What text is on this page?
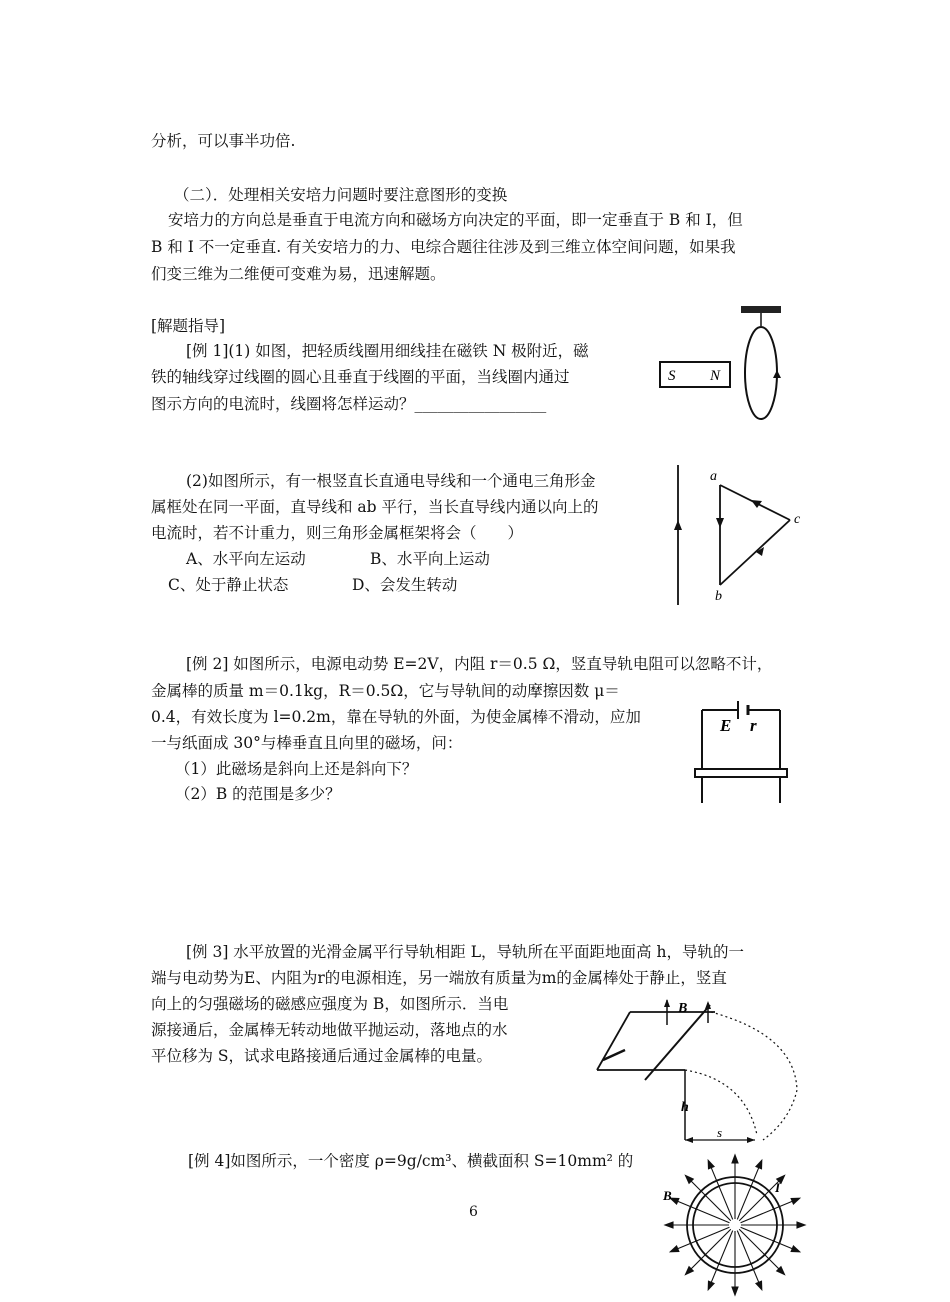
分析，可以事半功倍.
（二）．处理相关安培力问题时要注意图形的变换
安培力的方向总是垂直于电流方向和磁场方向决定的平面，即一定垂直于 B 和 I，但
B 和 I 不一定垂直. 有关安培力的力、电综合题往往涉及到三维立体空间问题，如果我
们变三维为二维便可变难为易，迅速解题。
[解题指导]
[例 1](1) 如图，把轻质线圈用细线挂在磁铁 N 极附近，磁
铁的轴线穿过线圈的圆心且垂直于线圈的平面，当线圈内通过
图示方向的电流时，线圈将怎样运动？_________________
(2)如图所示，有一根竖直长直通电导线和一个通电三角形金
属框处在同一平面，直导线和 ab 平行，当长直导线内通以向上的
电流时，若不计重力，则三角形金属框架将会（　　）
A、水平向左运动	B、水平向上运动
C、处于静止状态	D、会发生转动
[例 2] 如图所示，电源电动势 E=2V，内阻 r＝0.5 Ω，竖直导轨电阻可以忽略不计，
金属棒的质量 m＝0.1kg，R＝0.5Ω，它与导轨间的动摩擦因数 μ＝
0.4，有效长度为 l=0.2m，靠在导轨的外面，为使金属棒不滑动，应加
一与纸面成 30°与棒垂直且向里的磁场，问：
（1）此磁场是斜向上还是斜向下？
（2）B 的范围是多少？
[例 3] 水平放置的光滑金属平行导轨相距 L，导轨所在平面距地面高 h，导轨的一
端与电动势为E、内阻为r的电源相连，另一端放有质量为m的金属棒处于静止，竖直
向上的匀强磁场的磁感应强度为 B，如图所示．当电
源接通后，金属棒无转动地做平抛运动，落地点的水
平位移为 S，试求电路接通后通过金属棒的电量。
[例 4]如图所示，一个密度 ρ=9g/cm³、横截面积 S=10mm² 的
6
S N
a
c
b
E r
B
h
s
B
I
